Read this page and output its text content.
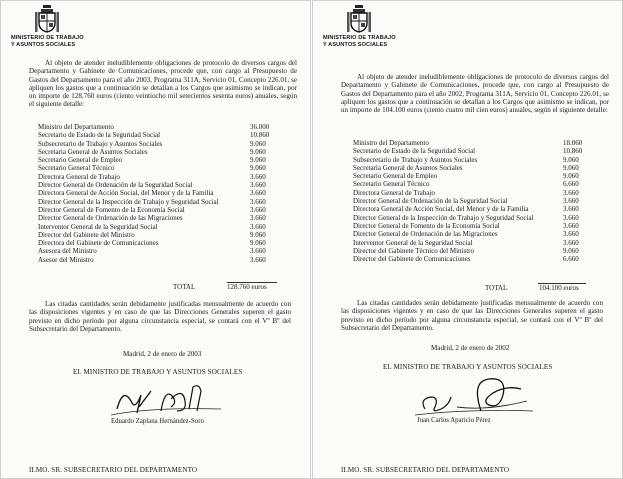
MINISTERIO DE TRABAJO
Y ASUNTOS SOCIALES
Al objeto de atender ineludiblemente obligaciones de protocolo de diversos cargos del Departamento y Gabinete de Comunicaciones, procede que, con cargo al Presupuesto de Gastos del Departamento para el año 2003, Programa 311A, Servicio 01, Concepto 226.01, se apliquen los gastos que a continuación se detallan a los Cargos que asimismo se indican, por un importe de 128.760 euros (ciento veintiocho mil setecientos sesenta euros) anuales, según el siguiente detalle:
Ministro del Departamento	36.000
Secretario de Estado de la Seguridad Social	10.860
Subsecretario de Trabajo y Asuntos Sociales	9.060
Secretaria General de Asuntos Sociales	9.060
Secretario General de Empleo	9.060
Secretario General Técnico	9.060
Directora General de Trabajo	3.660
Director General de Ordenación de la Seguridad Social	3.660
Directora General de Acción Social, del Menor y de la Familia	3.660
Director General de la Inspección de Trabajo y Seguridad Social	3.660
Director General de Fomento de la Economía Social	3.660
Director General de Ordenación de las Migraciones	3.660
Interventor General de la Seguridad Social	3.660
Director del Gabinete del Ministro	9.060
Directora del Gabinete de Comunicaciones	9.060
Asesora del Ministro	3.660
Asesor del Ministro	3.660
TOTAL	128.760 euros
Las citadas cantidades serán debidamente justificadas mensualmente de acuerdo con las disposiciones vigentes y en caso de que las Direcciones Generales superen el gasto previsto en dicho período por alguna circunstancia especial, se contará con el Vº Bº del Subsecretario del Departamento.
Madrid, 2 de enero de 2003
EL MINISTRO DE TRABAJO Y ASUNTOS SOCIALES
Eduardo Zaplana Hernández-Soro
ILMO. SR. SUBSECRETARIO DEL DEPARTAMENTO
MINISTERIO DE TRABAJO
Y ASUNTOS SOCIALES
Al objeto de atender ineludiblemente obligaciones de protocolo de diversos cargos del Departamento y Gabinete de Comunicaciones, procede que, con cargo al Presupuesto de Gastos del Departamento para el año 2002, Programa 311A, Servicio 01, Concepto 226.01, se apliquen los gastos que a continuación se detallan a los Cargos que asimismo se indican, por un importe de 104.100 euros (ciento cuatro mil cien euros) anuales, según el siguiente detalle:
Ministro del Departamento	18.060
Secretario de Estado de la Seguridad Social	10.860
Subsecretario de Trabajo y Asuntos Sociales	9.060
Secretaria General de Asuntos Sociales	9.060
Secretario General de Empleo	9.060
Secretario General Técnico	6.660
Directora General de Trabajo	3.660
Director General de Ordenación de la Seguridad Social	3.660
Directora General de Acción Social, del Menor y de la Familia	3.660
Director General de la Inspección de Trabajo y Seguridad Social	3.660
Director General de Fomento de la Economía Social	3.660
Director General de Ordenación de las Migraciones	3.660
Interventor General de la Seguridad Social	3.660
Director del Gabinete Técnico del Ministro	9.060
Director del Gabinete de Comunicaciones	6.660
TOTAL	104.100 euros
Las citadas cantidades serán debidamente justificadas mensualmente de acuerdo con las disposiciones vigentes y en caso de que las Direcciones Generales superen el gasto previsto en dicho período por alguna circunstancia especial, se contará con el Vº Bº del Subsecretario del Departamento.
Madrid, 2 de enero de 2002
EL MINISTRO DE TRABAJO Y ASUNTOS SOCIALES
Juan Carlos Aparicio Pérez
ILMO. SR. SUBSECRETARIO DEL DEPARTAMENTO
